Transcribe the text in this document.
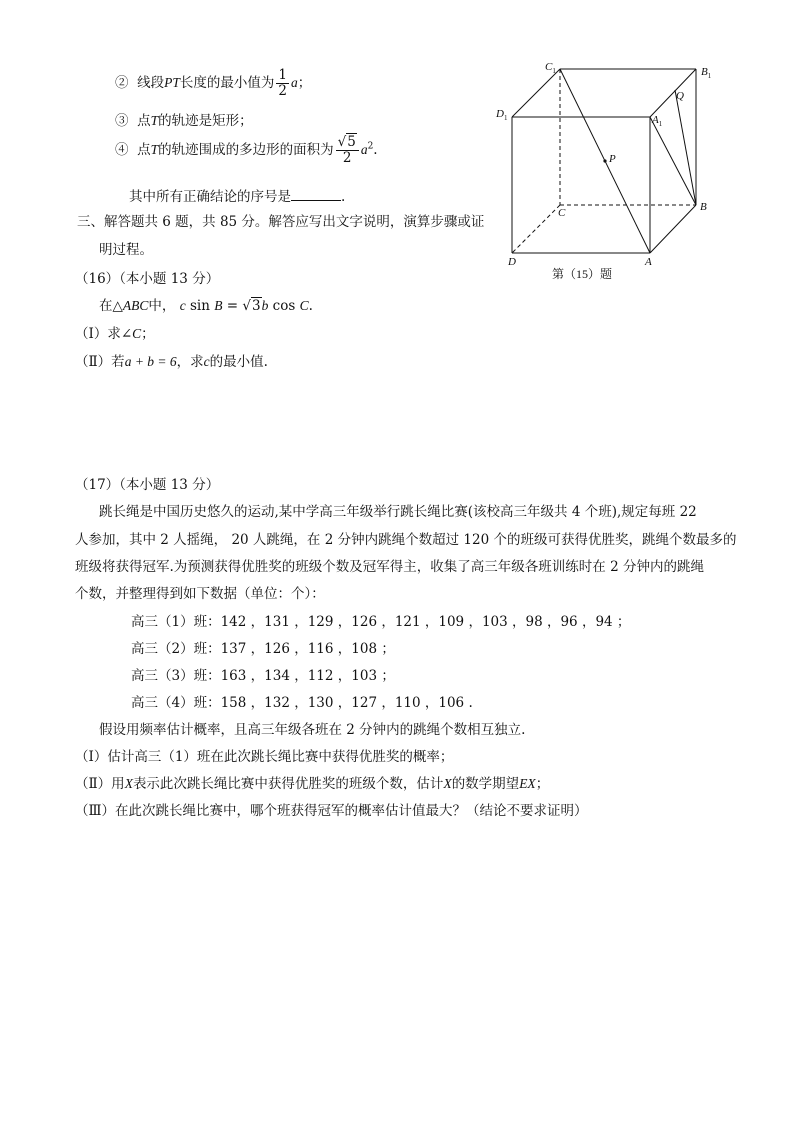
② 线段PT长度的最小值为 $\frac{1}{2}$ a；
③ 点T的轨迹是矩形；
④ 点T的轨迹围成的多边形的面积为 $\frac{√5}{2} a^2$.
其中所有正确结论的序号是	.
$C_1$	$B_1$
$D_1$	$A_1$
Q
P
C	B
D	A
第（15）题
三、解答题共 6 题，共 85 分。解答应写出文字说明，演算步骤或证
明过程。
（16）（本小题 13 分）
在△ABC中， c sin B = √3b cos C.
（Ⅰ）求∠C；
（Ⅱ）若a + b = 6，求c的最小值.
（17）（本小题 13 分）
跳长绳是中国历史悠久的运动,某中学高三年级举行跳长绳比赛(该校高三年级共 4 个班),规定每班 22
人参加，其中 2 人摇绳， 20 人跳绳，在 2 分钟内跳绳个数超过 120 个的班级可获得优胜奖，跳绳个数最多的
班级将获得冠军.为预测获得优胜奖的班级个数及冠军得主，收集了高三年级各班训练时在 2 分钟内的跳绳
个数，并整理得到如下数据（单位：个）：
高三（1）班：142 ，131 ，129 ，126 ，121 ，109 ，103 ，98 ，96 ，94 ；
高三（2）班：137 ，126 ，116 ，108 ；
高三（3）班：163 ，134 ，112 ，103 ；
高三（4）班：158 ，132 ，130 ，127 ，110 ，106 .
假设用频率估计概率，且高三年级各班在 2 分钟内的跳绳个数相互独立.
（Ⅰ）估计高三（1）班在此次跳长绳比赛中获得优胜奖的概率；
（Ⅱ）用X表示此次跳长绳比赛中获得优胜奖的班级个数，估计X的数学期望EX；
（Ⅲ）在此次跳长绳比赛中，哪个班获得冠军的概率估计值最大？（结论不要求证明）
